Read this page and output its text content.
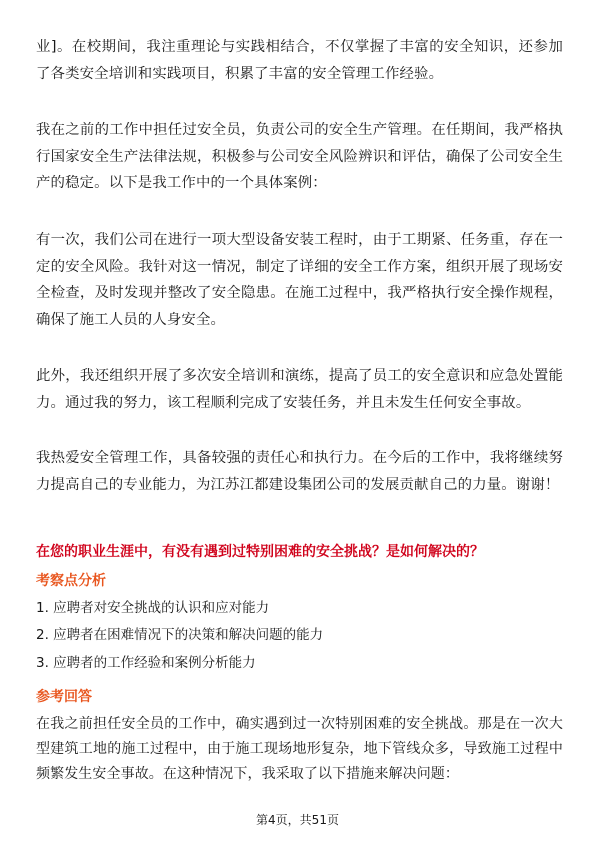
业]。在校期间，我注重理论与实践相结合，不仅掌握了丰富的安全知识，还参加了各类安全培训和实践项目，积累了丰富的安全管理工作经验。

我在之前的工作中担任过安全员，负责公司的安全生产管理。在任期间，我严格执行国家安全生产法律法规，积极参与公司安全风险辨识和评估，确保了公司安全生产的稳定。以下是我工作中的一个具体案例：

有一次，我们公司在进行一项大型设备安装工程时，由于工期紧、任务重，存在一定的安全风险。我针对这一情况，制定了详细的安全工作方案，组织开展了现场安全检查，及时发现并整改了安全隐患。在施工过程中，我严格执行安全操作规程，确保了施工人员的人身安全。

此外，我还组织开展了多次安全培训和演练，提高了员工的安全意识和应急处置能力。通过我的努力，该工程顺利完成了安装任务，并且未发生任何安全事故。

我热爱安全管理工作，具备较强的责任心和执行力。在今后的工作中，我将继续努力提高自己的专业能力，为江苏江都建设集团公司的发展贡献自己的力量。谢谢！

在您的职业生涯中，有没有遇到过特别困难的安全挑战？是如何解决的？

考察点分析

1. 应聘者对安全挑战的认识和应对能力

2. 应聘者在困难情况下的决策和解决问题的能力

3. 应聘者的工作经验和案例分析能力

参考回答

在我之前担任安全员的工作中，确实遇到过一次特别困难的安全挑战。那是在一次大型建筑工地的施工过程中，由于施工现场地形复杂，地下管线众多，导致施工过程中频繁发生安全事故。在这种情况下，我采取了以下措施来解决问题：

第4页，共51页
